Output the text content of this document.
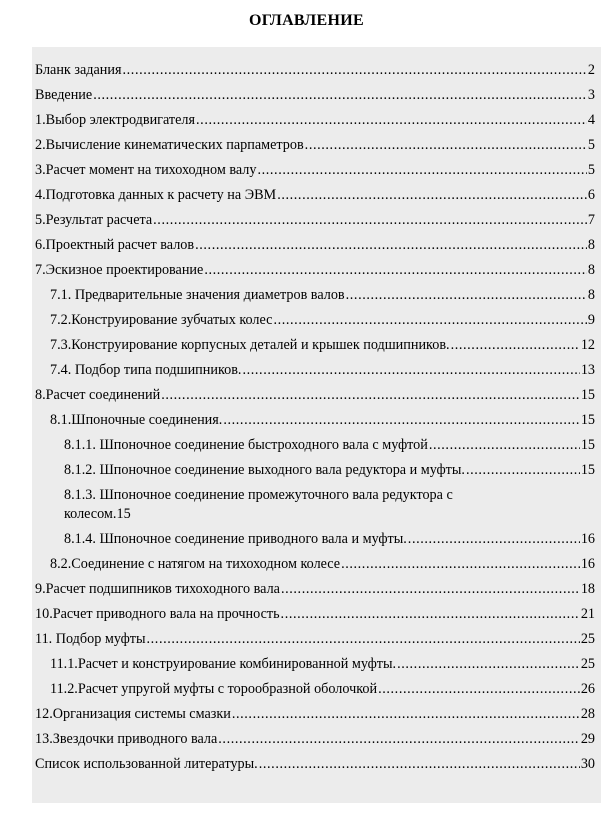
ОГЛАВЛЕНИЕ
Бланк задания .....	2
Введение .....	3
1.Выбор электродвигателя .....	4
2.Вычисление кинематических парпаметров .....	5
3.Расчет момент на тихоходном валу .....	5
4.Подготовка данных к расчету на ЭВМ .....	6
5.Результат расчета .....	7
6.Проектный расчет валов .....	8
7.Эскизное проектирование .....	8
7.1. Предварительные значения диаметров валов .....	8
7.2.Конструирование зубчатых колес .....	9
7.3.Конструирование корпусных деталей и крышек подшипников. .....	12
7.4. Подбор типа подшипников. .....	13
8.Расчет соединений .....	15
8.1.Шпоночные соединения. .....	15
8.1.1. Шпоночное соединение быстроходного вала с муфтой .....	15
8.1.2. Шпоночное соединение выходного вала редуктора и муфты. .....	15
8.1.3. Шпоночное соединение промежуточного вала редуктора с
колесом. 15
8.1.4. Шпоночное соединение приводного вала и муфты. .....	16
8.2.Соединение с натягом на тихоходном колесе .....	16
9.Расчет подшипников тихоходного вала .....	18
10.Расчет приводного вала на прочность .....	21
11. Подбор муфты .....	25
11.1.Расчет и конструирование комбинированной муфты. .....	25
11.2.Расчет упругой муфты с торообразной оболочкой .....	26
12.Организация системы смазки .....	28
13.Звездочки приводного вала .....	29
Список использованной литературы. .....	30
